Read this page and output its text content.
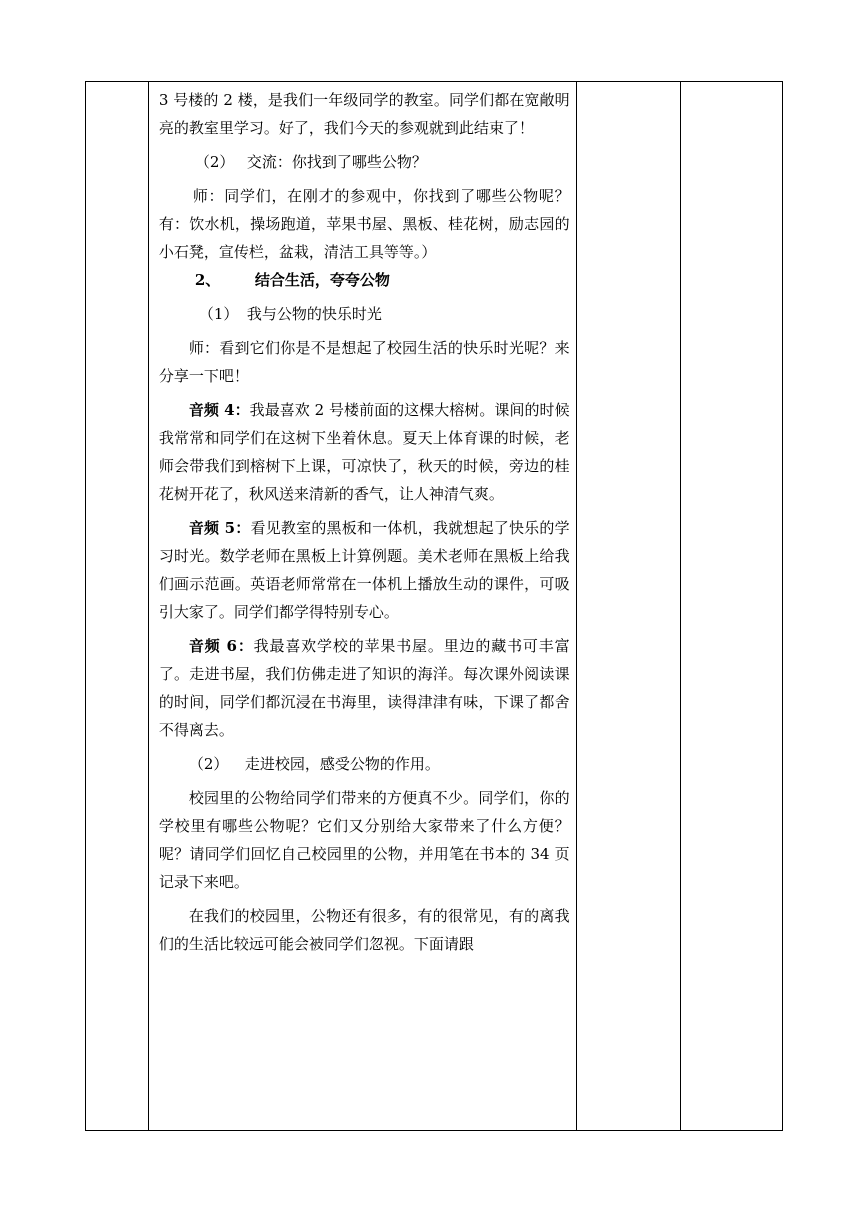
3 号楼的 2 楼，是我们一年级同学的教室。同学们都在宽敞明亮的教室里学习。好了，我们今天的参观就到此结束了！

（2） 交流：你找到了哪些公物？

师：同学们，在刚才的参观中，你找到了哪些公物呢？有：饮水机，操场跑道，苹果书屋、黑板、桂花树，励志园的小石凳，宣传栏，盆栽，清洁工具等等。）

2、 结合生活，夸夸公物

（1） 我与公物的快乐时光

师：看到它们你是不是想起了校园生活的快乐时光呢？来分享一下吧！

音频 4：我最喜欢 2 号楼前面的这棵大榕树。课间的时候我常常和同学们在这树下坐着休息。夏天上体育课的时候，老师会带我们到榕树下上课，可凉快了，秋天的时候，旁边的桂花树开花了，秋风送来清新的香气，让人神清气爽。

音频 5：看见教室的黑板和一体机，我就想起了快乐的学习时光。数学老师在黑板上计算例题。美术老师在黑板上给我们画示范画。英语老师常常在一体机上播放生动的课件，可吸引大家了。同学们都学得特别专心。

音频 6：我最喜欢学校的苹果书屋。里边的藏书可丰富了。走进书屋，我们仿佛走进了知识的海洋。每次课外阅读课的时间，同学们都沉浸在书海里，读得津津有味，下课了都舍不得离去。

（2） 走进校园，感受公物的作用。

校园里的公物给同学们带来的方便真不少。同学们，你的学校里有哪些公物呢？它们又分别给大家带来了什么方便？呢？请同学们回忆自己校园里的公物，并用笔在书本的 34 页记录下来吧。

在我们的校园里，公物还有很多，有的很常见，有的离我们的生活比较远可能会被同学们忽视。下面请跟
